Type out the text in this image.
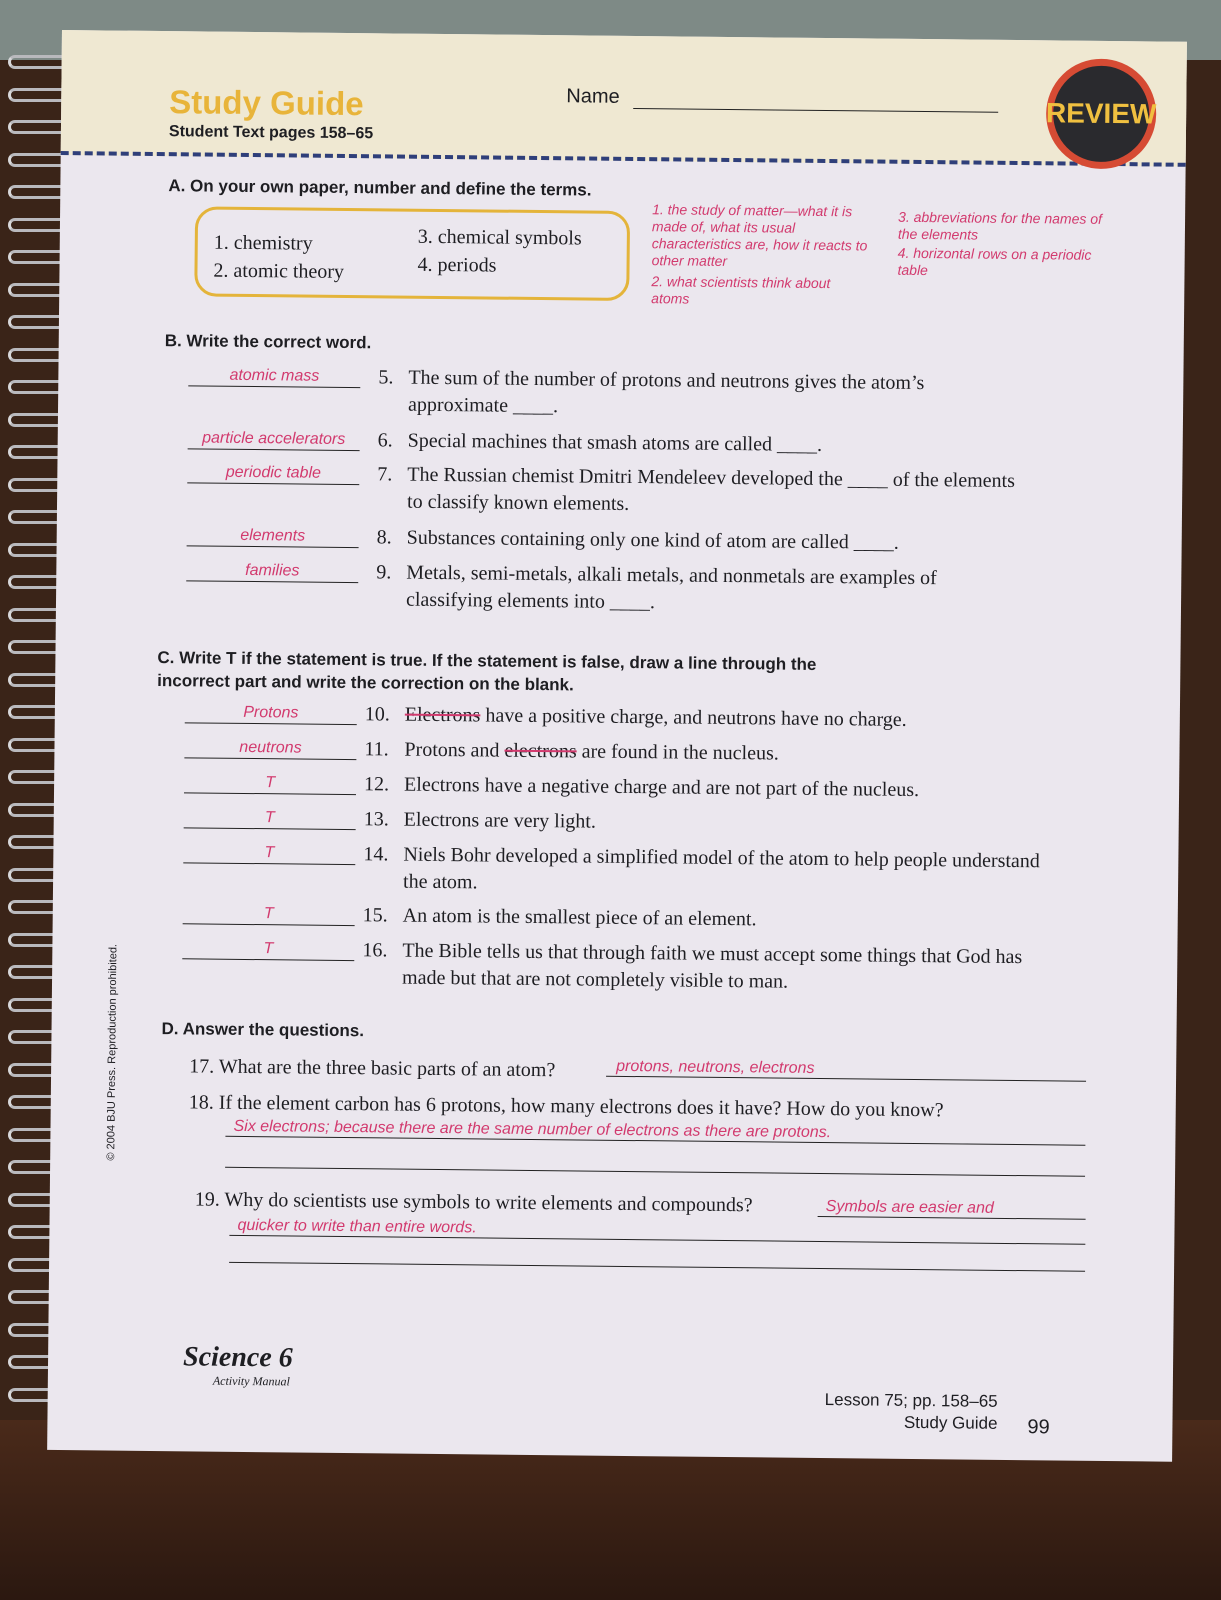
Study Guide
Student Text pages 158–65
Name
REVIEW
A. On your own paper, number and define the terms.
1. chemistry
2. atomic theory
3. chemical symbols
4. periods
1. the study of matter—what it is made of, what its usual characteristics are, how it reacts to other matter
2. what scientists think about atoms
3. abbreviations for the names of the elements
4. horizontal rows on a periodic table
B. Write the correct word.
atomic mass	5. The sum of the number of protons and neutrons gives the atom’s approximate ____.
particle accelerators	6. Special machines that smash atoms are called ____.
periodic table	7. The Russian chemist Dmitri Mendeleev developed the ____ of the elements to classify known elements.
elements	8. Substances containing only one kind of atom are called ____.
families	9. Metals, semi-metals, alkali metals, and nonmetals are examples of classifying elements into ____.
C. Write T if the statement is true. If the statement is false, draw a line through the incorrect part and write the correction on the blank.
Protons	10. Electrons have a positive charge, and neutrons have no charge.
neutrons	11. Protons and electrons are found in the nucleus.
T	12. Electrons have a negative charge and are not part of the nucleus.
T	13. Electrons are very light.
T	14. Niels Bohr developed a simplified model of the atom to help people understand the atom.
T	15. An atom is the smallest piece of an element.
T	16. The Bible tells us that through faith we must accept some things that God has made but that are not completely visible to man.
D. Answer the questions.
17. What are the three basic parts of an atom?	protons, neutrons, electrons
18. If the element carbon has 6 protons, how many electrons does it have? How do you know?
Six electrons; because there are the same number of electrons as there are protons.
19. Why do scientists use symbols to write elements and compounds?	Symbols are easier and
quicker to write than entire words.
© 2004 BJU Press. Reproduction prohibited.
Science 6
Activity Manual
Lesson 75; pp. 158–65
Study Guide 99
